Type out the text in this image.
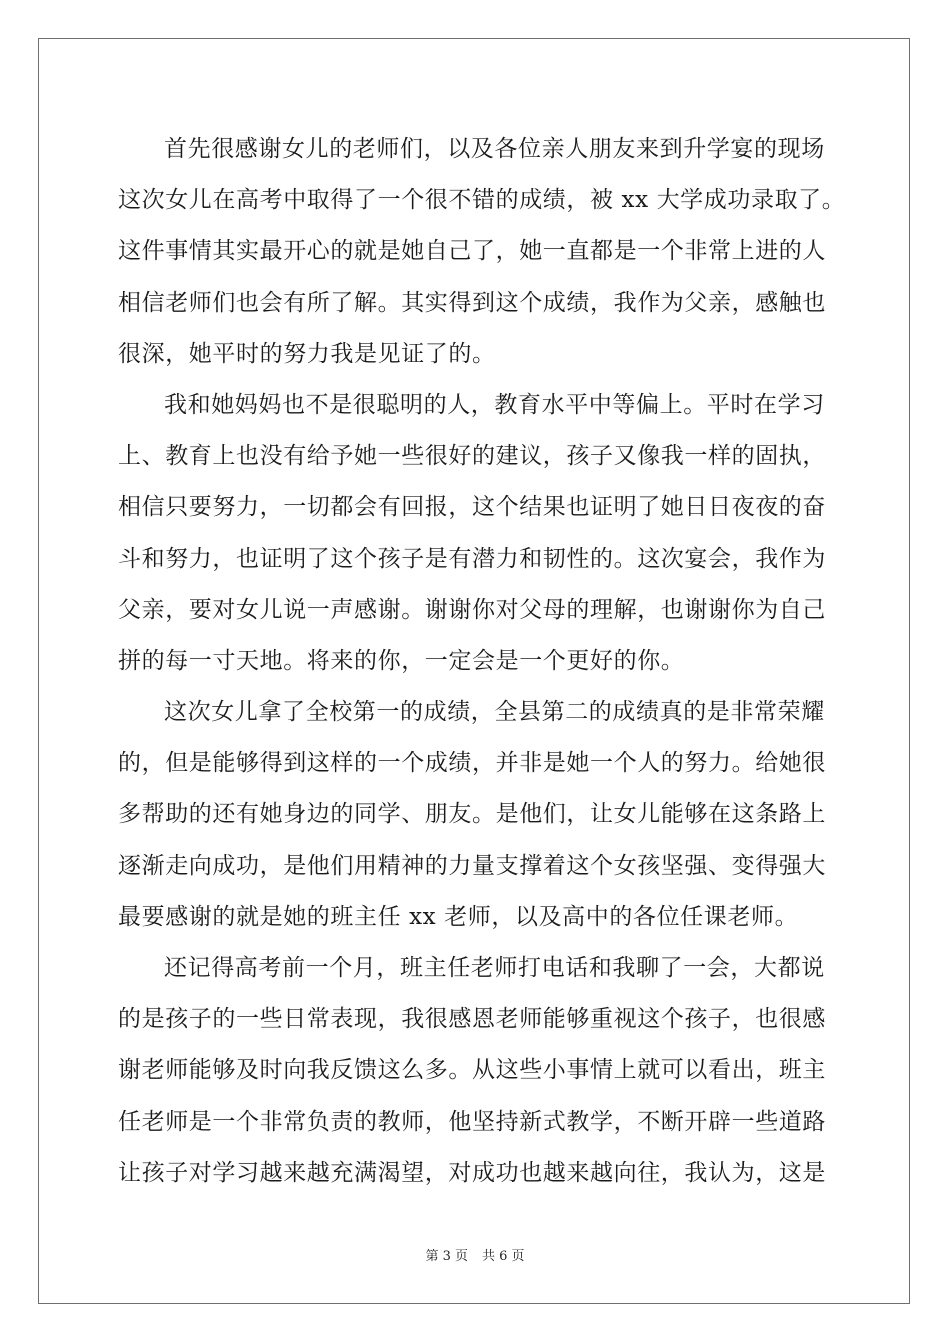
首先很感谢女儿的老师们，以及各位亲人朋友来到升学宴的现场
这次女儿在高考中取得了一个很不错的成绩，被 xx 大学成功录取了。
这件事情其实最开心的就是她自己了，她一直都是一个非常上进的人
相信老师们也会有所了解。其实得到这个成绩，我作为父亲，感触也
很深，她平时的努力我是见证了的。
我和她妈妈也不是很聪明的人，教育水平中等偏上。平时在学习
上、教育上也没有给予她一些很好的建议，孩子又像我一样的固执，
相信只要努力，一切都会有回报，这个结果也证明了她日日夜夜的奋
斗和努力，也证明了这个孩子是有潜力和韧性的。这次宴会，我作为
父亲，要对女儿说一声感谢。谢谢你对父母的理解，也谢谢你为自己
拼的每一寸天地。将来的你，一定会是一个更好的你。
这次女儿拿了全校第一的成绩，全县第二的成绩真的是非常荣耀
的，但是能够得到这样的一个成绩，并非是她一个人的努力。给她很
多帮助的还有她身边的同学、朋友。是他们，让女儿能够在这条路上
逐渐走向成功，是他们用精神的力量支撑着这个女孩坚强、变得强大
最要感谢的就是她的班主任 xx 老师，以及高中的各位任课老师。
还记得高考前一个月，班主任老师打电话和我聊了一会，大都说
的是孩子的一些日常表现，我很感恩老师能够重视这个孩子，也很感
谢老师能够及时向我反馈这么多。从这些小事情上就可以看出，班主
任老师是一个非常负责的教师，他坚持新式教学，不断开辟一些道路
让孩子对学习越来越充满渴望，对成功也越来越向往，我认为，这是
第 3 页 共 6 页
